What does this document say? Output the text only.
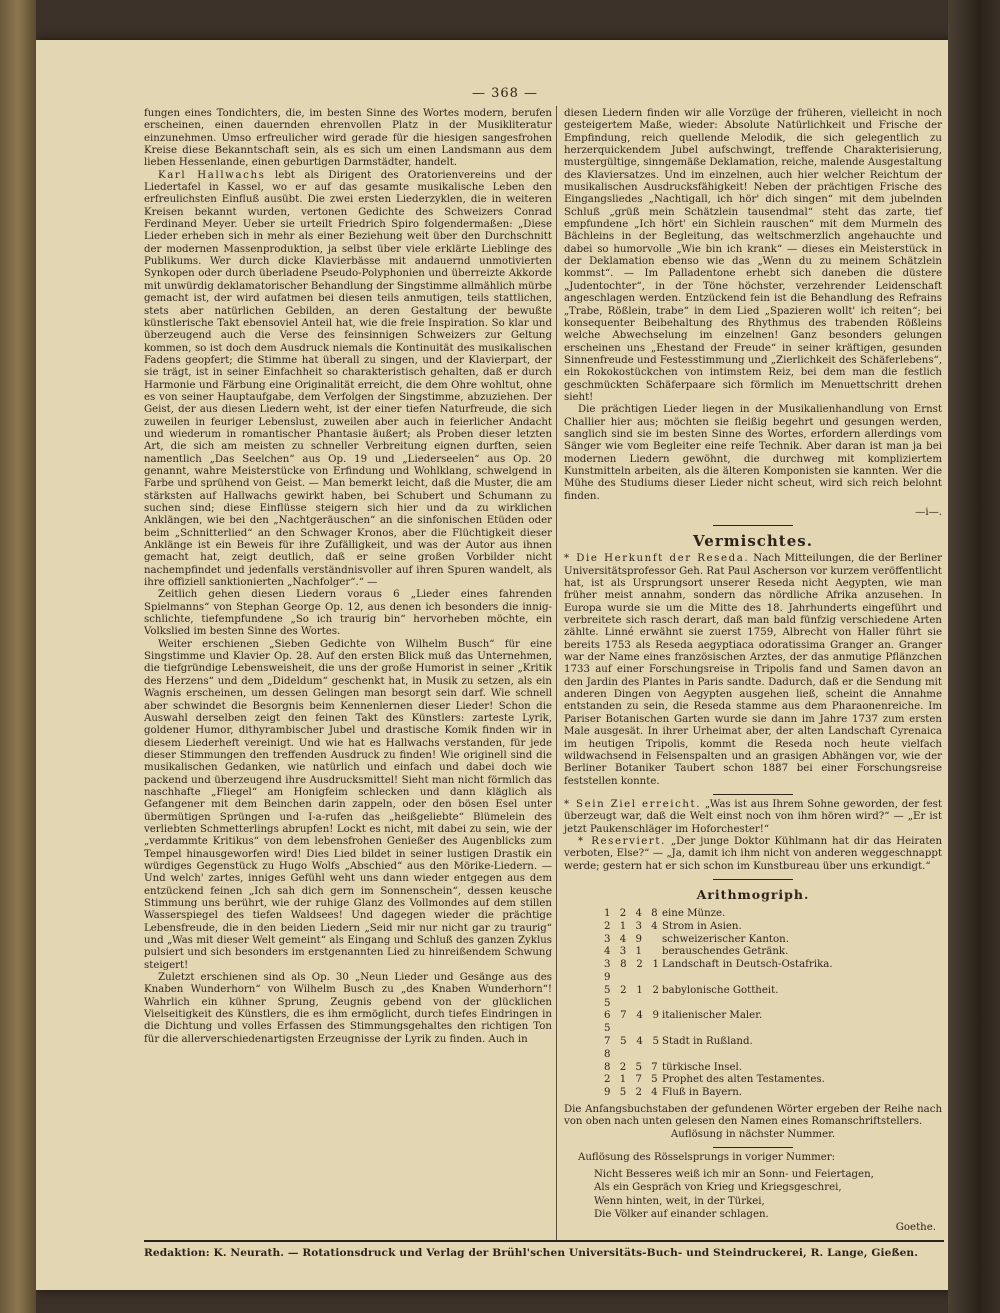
— 368 —

fungen eines Tondichters, die, im besten Sinne des Wortes modern, berufen erscheinen, einen dauernden ehrenvollen Platz in der Musikliteratur einzunehmen. Umso erfreulicher wird gerade für die hiesigen sangesfrohen Kreise diese Bekanntschaft sein, als es sich um einen Landsmann aus dem lieben Hessenlande, einen geburtigen Darmstädter, handelt.

Karl Hallwachs lebt als Dirigent des Oratorienvereins und der Liedertafel in Kassel, wo er auf das gesamte musikalische Leben den erfreulichsten Einfluß ausübt. Die zwei ersten Liederzyklen, die in weiteren Kreisen bekannt wurden, vertonen Gedichte des Schweizers Conrad Ferdinand Meyer. Ueber sie urteilt Friedrich Spiro folgendermaßen: „Diese Lieder erheben sich in mehr als einer Beziehung weit über den Durchschnitt der modernen Massenproduktion, ja selbst über viele erklärte Lieblinge des Publikums. Wer durch dicke Klavierbässe mit andauernd unmotivierten Synkopen oder durch überladene Pseudo-Polyphonien und überreizte Akkorde mit unwürdig deklamatorischer Behandlung der Singstimme allmählich mürbe gemacht ist, der wird aufatmen bei diesen teils anmutigen, teils stattlichen, stets aber natürlichen Gebilden, an deren Gestaltung der bewußte künstlerische Takt ebensoviel Anteil hat, wie die freie Inspiration. So klar und überzeugend auch die Verse des feinsinnigen Schweizers zur Geltung kommen, so ist doch dem Ausdruck niemals die Kontinuität des musikalischen Fadens geopfert; die Stimme hat überall zu singen, und der Klavierpart, der sie trägt, ist in seiner Einfachheit so charakteristisch gehalten, daß er durch Harmonie und Färbung eine Originalität erreicht, die dem Ohre wohltut, ohne es von seiner Hauptaufgabe, dem Verfolgen der Singstimme, abzuziehen. Der Geist, der aus diesen Liedern weht, ist der einer tiefen Naturfreude, die sich zuweilen in feuriger Lebenslust, zuweilen aber auch in feierlicher Andacht und wiederum in romantischer Phantasie äußert; als Proben dieser letzten Art, die sich am meisten zu schneller Verbreitung eignen durften, seien namentlich „Das Seelchen“ aus Op. 19 und „Liederseelen“ aus Op. 20 genannt, wahre Meisterstücke von Erfindung und Wohlklang, schwelgend in Farbe und sprühend von Geist. — Man bemerkt leicht, daß die Muster, die am stärksten auf Hallwachs gewirkt haben, bei Schubert und Schumann zu suchen sind; diese Einflüsse steigern sich hier und da zu wirklichen Anklängen, wie bei den „Nachtgeräuschen“ an die sinfonischen Etüden oder beim „Schnitterlied“ an den Schwager Kronos, aber die Flüchtigkeit dieser Anklänge ist ein Beweis für ihre Zufälligkeit, und was der Autor aus ihnen gemacht hat, zeigt deutlich, daß er seine großen Vorbilder nicht nachempfindet und jedenfalls verständnisvoller auf ihren Spuren wandelt, als ihre offiziell sanktionierten „Nachfolger“.“ —

Zeitlich gehen diesen Liedern voraus 6 „Lieder eines fahrenden Spielmanns“ von Stephan George Op. 12, aus denen ich besonders die innig-schlichte, tiefempfundene „So ich traurig bin“ hervorheben möchte, ein Volkslied im besten Sinne des Wortes.

Weiter erschienen „Sieben Gedichte von Wilhelm Busch“ für eine Singstimme und Klavier Op. 28. Auf den ersten Blick muß das Unternehmen, die tiefgründige Lebensweisheit, die uns der große Humorist in seiner „Kritik des Herzens“ und dem „Dideldum“ geschenkt hat, in Musik zu setzen, als ein Wagnis erscheinen, um dessen Gelingen man besorgt sein darf. Wie schnell aber schwindet die Besorgnis beim Kennenlernen dieser Lieder! Schon die Auswahl derselben zeigt den feinen Takt des Künstlers: zarteste Lyrik, goldener Humor, dithyrambischer Jubel und drastische Komik finden wir in diesem Liederheft vereinigt. Und wie hat es Hallwachs verstanden, für jede dieser Stimmungen den treffenden Ausdruck zu finden! Wie originell sind die musikalischen Gedanken, wie natürlich und einfach und dabei doch wie packend und überzeugend ihre Ausdrucksmittel! Sieht man nicht förmlich das naschhafte „Fliegel“ am Honigfeim schlecken und dann kläglich als Gefangener mit dem Beinchen darin zappeln, oder den bösen Esel unter übermütigen Sprüngen und I-a-rufen das „heißgeliebte“ Blümelein des verliebten Schmetterlings abrupfen! Lockt es nicht, mit dabei zu sein, wie der „verdammte Kritikus“ von dem lebensfrohen Genießer des Augenblicks zum Tempel hinausgeworfen wird! Dies Lied bildet in seiner lustigen Drastik ein würdiges Gegenstück zu Hugo Wolfs „Abschied“ aus den Mörike-Liedern. — Und welch' zartes, inniges Gefühl weht uns dann wieder entgegen aus dem entzückend feinen „Ich sah dich gern im Sonnenschein“, dessen keusche Stimmung uns berührt, wie der ruhige Glanz des Vollmondes auf dem stillen Wasserspiegel des tiefen Waldsees! Und dagegen wieder die prächtige Lebensfreude, die in den beiden Liedern „Seid mir nur nicht gar zu traurig“ und „Was mit dieser Welt gemeint“ als Eingang und Schluß des ganzen Zyklus pulsiert und sich besonders im erstgenannten Lied zu hinreißendem Schwung steigert!

Zuletzt erschienen sind als Op. 30 „Neun Lieder und Gesänge aus des Knaben Wunderhorn“ von Wilhelm Busch zu „des Knaben Wunderhorn“! Wahrlich ein kühner Sprung, Zeugnis gebend von der glücklichen Vielseitigkeit des Künstlers, die es ihm ermöglicht, durch tiefes Eindringen in die Dichtung und volles Erfassen des Stimmungsgehaltes den richtigen Ton für die allerverschiedenartigsten Erzeugnisse der Lyrik zu finden. Auch in

diesen Liedern finden wir alle Vorzüge der früheren, vielleicht in noch gesteigertem Maße, wieder: Absolute Natürlichkeit und Frische der Empfindung, reich quellende Melodik, die sich gelegentlich zu herzerquickendem Jubel aufschwingt, treffende Charakterisierung, mustergültige, sinngemäße Deklamation, reiche, malende Ausgestaltung des Klaviersatzes. Und im einzelnen, auch hier welcher Reichtum der musikalischen Ausdrucksfähigkeit! Neben der prächtigen Frische des Eingangsliedes „Nachtigall, ich hör' dich singen“ mit dem jubelnden Schluß „grüß mein Schätzlein tausendmal“ steht das zarte, tief empfundene „Ich hört' ein Sichlein rauschen“ mit dem Murmeln des Bächleins in der Begleitung, das weltschmerzlich angehauchte und dabei so humorvolle „Wie bin ich krank“ — dieses ein Meisterstück in der Deklamation ebenso wie das „Wenn du zu meinem Schätzlein kommst“. — Im Palladentone erhebt sich daneben die düstere „Judentochter“, in der Töne höchster, verzehrender Leidenschaft angeschlagen werden. Entzückend fein ist die Behandlung des Refrains „Trabe, Rößlein, trabe“ in dem Lied „Spazieren wollt' ich reiten“; bei konsequenter Beibehaltung des Rhythmus des trabenden Rößleins welche Abwechselung im einzelnen! Ganz besonders gelungen erscheinen uns „Ehestand der Freude“ in seiner kräftigen, gesunden Sinnenfreude und Festesstimmung und „Zierlichkeit des Schäferlebens“, ein Rokokostückchen von intimstem Reiz, bei dem man die festlich geschmückten Schäferpaare sich förmlich im Menuettschritt drehen sieht!

Die prächtigen Lieder liegen in der Musikalienhandlung von Ernst Challier hier aus; möchten sie fleißig begehrt und gesungen werden, sanglich sind sie im besten Sinne des Wortes, erfordern allerdings vom Sänger wie vom Begleiter eine reife Technik. Aber daran ist man ja bei modernen Liedern gewöhnt, die durchweg mit kompliziertem Kunstmitteln arbeiten, als die älteren Komponisten sie kannten. Wer die Mühe des Studiums dieser Lieder nicht scheut, wird sich reich belohnt finden.

—i—.

Vermischtes.

* Die Herkunft der Reseda. Nach Mitteilungen, die der Berliner Universitätsprofessor Geh. Rat Paul Ascherson vor kurzem veröffentlicht hat, ist als Ursprungsort unserer Reseda nicht Aegypten, wie man früher meist annahm, sondern das nördliche Afrika anzusehen. In Europa wurde sie um die Mitte des 18. Jahrhunderts eingeführt und verbreitete sich rasch derart, daß man bald fünfzig verschiedene Arten zählte. Linné erwähnt sie zuerst 1759, Albrecht von Haller führt sie bereits 1753 als Reseda aegyptiaca odoratissima Granger an. Granger war der Name eines französischen Arztes, der das anmutige Pflänzchen 1733 auf einer Forschungsreise in Tripolis fand und Samen davon an den Jardin des Plantes in Paris sandte. Dadurch, daß er die Sendung mit anderen Dingen von Aegypten ausgehen ließ, scheint die Annahme entstanden zu sein, die Reseda stamme aus dem Pharaonenreiche. Im Pariser Botanischen Garten wurde sie dann im Jahre 1737 zum ersten Male ausgesät. In ihrer Urheimat aber, der alten Landschaft Cyrenaica im heutigen Tripolis, kommt die Reseda noch heute vielfach wildwachsend in Felsenspalten und an grasigen Abhängen vor, wie der Berliner Botaniker Taubert schon 1887 bei einer Forschungsreise feststellen konnte.

* Sein Ziel erreicht. „Was ist aus Ihrem Sohne geworden, der fest überzeugt war, daß die Welt einst noch von ihm hören wird?“ — „Er ist jetzt Paukenschläger im Hoforchester!“

* Reserviert. „Der junge Doktor Kühlmann hat dir das Heiraten verboten, Else?“ — „Ja, damit ich ihm nicht von anderen weggeschnappt werde; gestern hat er sich schon im Kunstbureau über uns erkundigt.“

Arithmogriph.
1 2 4 8 eine Münze.
2 1 3 4 Strom in Asien.
3 4 9	schweizerischer Kanton.
4 3 1	berauschendes Getränk.
3 8 2 1 9
Landschaft in Deutsch-Ostafrika.
5 2 1 2 5
babylonische Gottheit.
6 7 4 9 5
italienischer Maler.
7 5 4 5 8
Stadt in Rußland.
8 2 5 7 türkische Insel.
2 1 7 5 Prophet des alten Testamentes.
9 5 2 4 Fluß in Bayern.

Die Anfangsbuchstaben der gefundenen Wörter ergeben der Reihe nach von oben nach unten gelesen den Namen eines Romanschriftstellers.

Auflösung in nächster Nummer.

Auflösung des Rösselsprungs in voriger Nummer:

Nicht Besseres weiß ich mir an Sonn- und Feiertagen,
Als ein Gespräch von Krieg und Kriegsgeschrei,
Wenn hinten, weit, in der Türkei,
Die Völker auf einander schlagen.
Goethe.
Redaktion: K. Neurath. — Rotationsdruck und Verlag der Brühl'schen Universitäts-Buch- und Steindruckerei, R. Lange, Gießen.
